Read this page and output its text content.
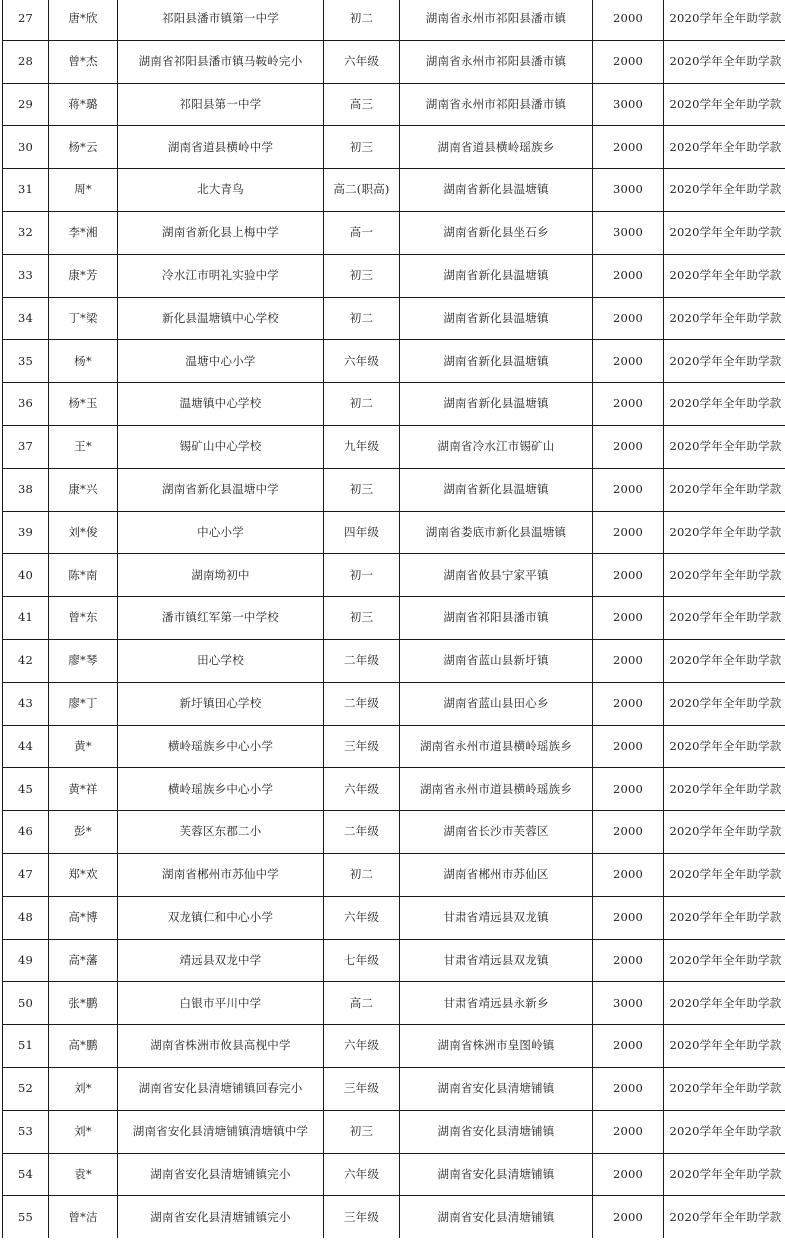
27	唐*欣	祁阳县潘市镇第一中学	初二	湖南省永州市祁阳县潘市镇	2000	2020学年全年助学款
28	曾*杰	湖南省祁阳县潘市镇马鞍岭完小	六年级	湖南省永州市祁阳县潘市镇	2000	2020学年全年助学款
29	蒋*璐	祁阳县第一中学	高三	湖南省永州市祁阳县潘市镇	3000	2020学年全年助学款
30	杨*云	湖南省道县横岭中学	初三	湖南省道县横岭瑶族乡	2000	2020学年全年助学款
31	周*	北大青鸟	高二(职高)	湖南省新化县温塘镇	3000	2020学年全年助学款
32	李*湘	湖南省新化县上梅中学	高一	湖南省新化县坐石乡	3000	2020学年全年助学款
33	康*芳	冷水江市明礼实验中学	初三	湖南省新化县温塘镇	2000	2020学年全年助学款
34	丁*梁	新化县温塘镇中心学校	初二	湖南省新化县温塘镇	2000	2020学年全年助学款
35	杨*	温塘中心小学	六年级	湖南省新化县温塘镇	2000	2020学年全年助学款
36	杨*玉	温塘镇中心学校	初二	湖南省新化县温塘镇	2000	2020学年全年助学款
37	王*	锡矿山中心学校	九年级	湖南省冷水江市锡矿山	2000	2020学年全年助学款
38	康*兴	湖南省新化县温塘中学	初三	湖南省新化县温塘镇	2000	2020学年全年助学款
39	刘*俊	中心小学	四年级	湖南省娄底市新化县温塘镇	2000	2020学年全年助学款
40	陈*南	湖南坳初中	初一	湖南省攸县宁家平镇	2000	2020学年全年助学款
41	曾*东	潘市镇红军第一中学校	初三	湖南省祁阳县潘市镇	2000	2020学年全年助学款
42	廖*琴	田心学校	二年级	湖南省蓝山县新圩镇	2000	2020学年全年助学款
43	廖*丁	新圩镇田心学校	二年级	湖南省蓝山县田心乡	2000	2020学年全年助学款
44	黄*	横岭瑶族乡中心小学	三年级	湖南省永州市道县横岭瑶族乡	2000	2020学年全年助学款
45	黄*祥	横岭瑶族乡中心小学	六年级	湖南省永州市道县横岭瑶族乡	2000	2020学年全年助学款
46	彭*	芙蓉区东郡二小	二年级	湖南省长沙市芙蓉区	2000	2020学年全年助学款
47	郑*欢	湖南省郴州市苏仙中学	初二	湖南省郴州市苏仙区	2000	2020学年全年助学款
48	高*博	双龙镇仁和中心小学	六年级	甘肃省靖远县双龙镇	2000	2020学年全年助学款
49	高*藩	靖远县双龙中学	七年级	甘肃省靖远县双龙镇	2000	2020学年全年助学款
50	张*鹏	白银市平川中学	高二	甘肃省靖远县永新乡	3000	2020学年全年助学款
51	高*鹏	湖南省株洲市攸县高枧中学	六年级	湖南省株洲市皇图岭镇	2000	2020学年全年助学款
52	刘*	湖南省安化县清塘铺镇回春完小	三年级	湖南省安化县清塘铺镇	2000	2020学年全年助学款
53	刘*	湖南省安化县清塘铺镇清塘镇中学	初三	湖南省安化县清塘铺镇	2000	2020学年全年助学款
54	袁*	湖南省安化县清塘铺镇完小	六年级	湖南省安化县清塘铺镇	2000	2020学年全年助学款
55	曾*洁	湖南省安化县清塘铺镇完小	三年级	湖南省安化县清塘铺镇	2000	2020学年全年助学款
